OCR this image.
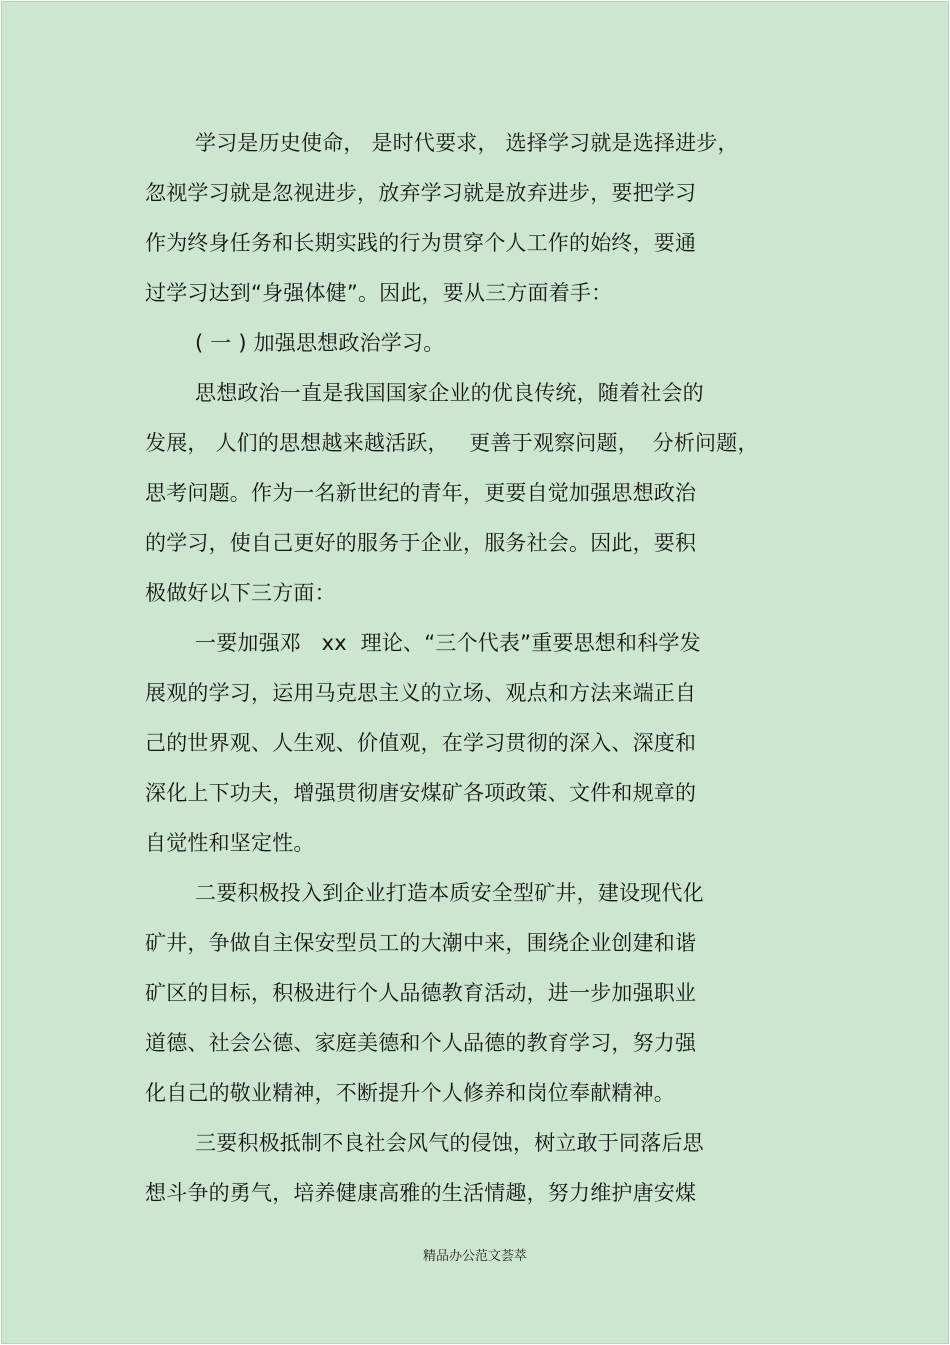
学习是历史使命， 是时代要求， 选择学习就是选择进步，
忽视学习就是忽视进步，放弃学习就是放弃进步，要把学习
作为终身任务和长期实践的行为贯穿个人工作的始终，要通
过学习达到“身强体健”。因此，要从三方面着手：
( 一 ) 加强思想政治学习。
思想政治一直是我国国家企业的优良传统，随着社会的
发展， 人们的思想越来越活跃，   更善于观察问题，  分析问题，
思考问题。作为一名新世纪的青年，更要自觉加强思想政治
的学习，使自己更好的服务于企业，服务社会。因此，要积
极做好以下三方面：
一要加强邓   xx  理论、“三个代表”重要思想和科学发
展观的学习，运用马克思主义的立场、观点和方法来端正自
己的世界观、人生观、价值观，在学习贯彻的深入、深度和
深化上下功夫，增强贯彻唐安煤矿各项政策、文件和规章的
自觉性和坚定性。
二要积极投入到企业打造本质安全型矿井，建设现代化
矿井，争做自主保安型员工的大潮中来，围绕企业创建和谐
矿区的目标，积极进行个人品德教育活动，进一步加强职业
道德、社会公德、家庭美德和个人品德的教育学习，努力强
化自己的敬业精神，不断提升个人修养和岗位奉献精神。
三要积极抵制不良社会风气的侵蚀，树立敢于同落后思
想斗争的勇气，培养健康高雅的生活情趣，努力维护唐安煤
精品办公范文荟萃
